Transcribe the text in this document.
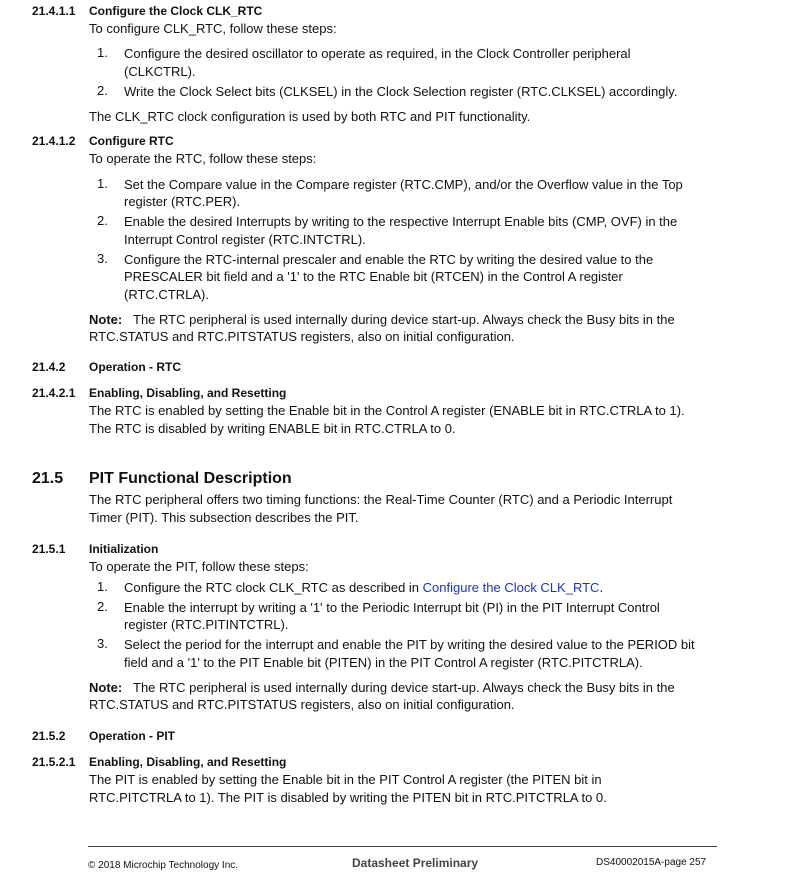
21.4.1.1 Configure the Clock CLK_RTC
To configure CLK_RTC, follow these steps:
1. Configure the desired oscillator to operate as required, in the Clock Controller peripheral
(CLKCTRL).
2. Write the Clock Select bits (CLKSEL) in the Clock Selection register (RTC.CLKSEL) accordingly.
The CLK_RTC clock configuration is used by both RTC and PIT functionality.
21.4.1.2 Configure RTC
To operate the RTC, follow these steps:
1. Set the Compare value in the Compare register (RTC.CMP), and/or the Overflow value in the Top
register (RTC.PER).
2. Enable the desired Interrupts by writing to the respective Interrupt Enable bits (CMP, OVF) in the
Interrupt Control register (RTC.INTCTRL).
3. Configure the RTC-internal prescaler and enable the RTC by writing the desired value to the
PRESCALER bit field and a '1' to the RTC Enable bit (RTCEN) in the Control A register
(RTC.CTRLA).
Note: The RTC peripheral is used internally during device start-up. Always check the Busy bits in the
RTC.STATUS and RTC.PITSTATUS registers, also on initial configuration.
21.4.2 Operation - RTC
21.4.2.1 Enabling, Disabling, and Resetting
The RTC is enabled by setting the Enable bit in the Control A register (ENABLE bit in RTC.CTRLA to 1).
The RTC is disabled by writing ENABLE bit in RTC.CTRLA to 0.
21.5 PIT Functional Description
The RTC peripheral offers two timing functions: the Real-Time Counter (RTC) and a Periodic Interrupt
Timer (PIT). This subsection describes the PIT.
21.5.1 Initialization
To operate the PIT, follow these steps:
1. Configure the RTC clock CLK_RTC as described in Configure the Clock CLK_RTC.
2. Enable the interrupt by writing a '1' to the Periodic Interrupt bit (PI) in the PIT Interrupt Control
register (RTC.PITINTCTRL).
3. Select the period for the interrupt and enable the PIT by writing the desired value to the PERIOD bit
field and a '1' to the PIT Enable bit (PITEN) in the PIT Control A register (RTC.PITCTRLA).
Note: The RTC peripheral is used internally during device start-up. Always check the Busy bits in the
RTC.STATUS and RTC.PITSTATUS registers, also on initial configuration.
21.5.2 Operation - PIT
21.5.2.1 Enabling, Disabling, and Resetting
The PIT is enabled by setting the Enable bit in the PIT Control A register (the PITEN bit in
RTC.PITCTRLA to 1). The PIT is disabled by writing the PITEN bit in RTC.PITCTRLA to 0.
© 2018 Microchip Technology Inc.	Datasheet Preliminary	DS40002015A-page 257
